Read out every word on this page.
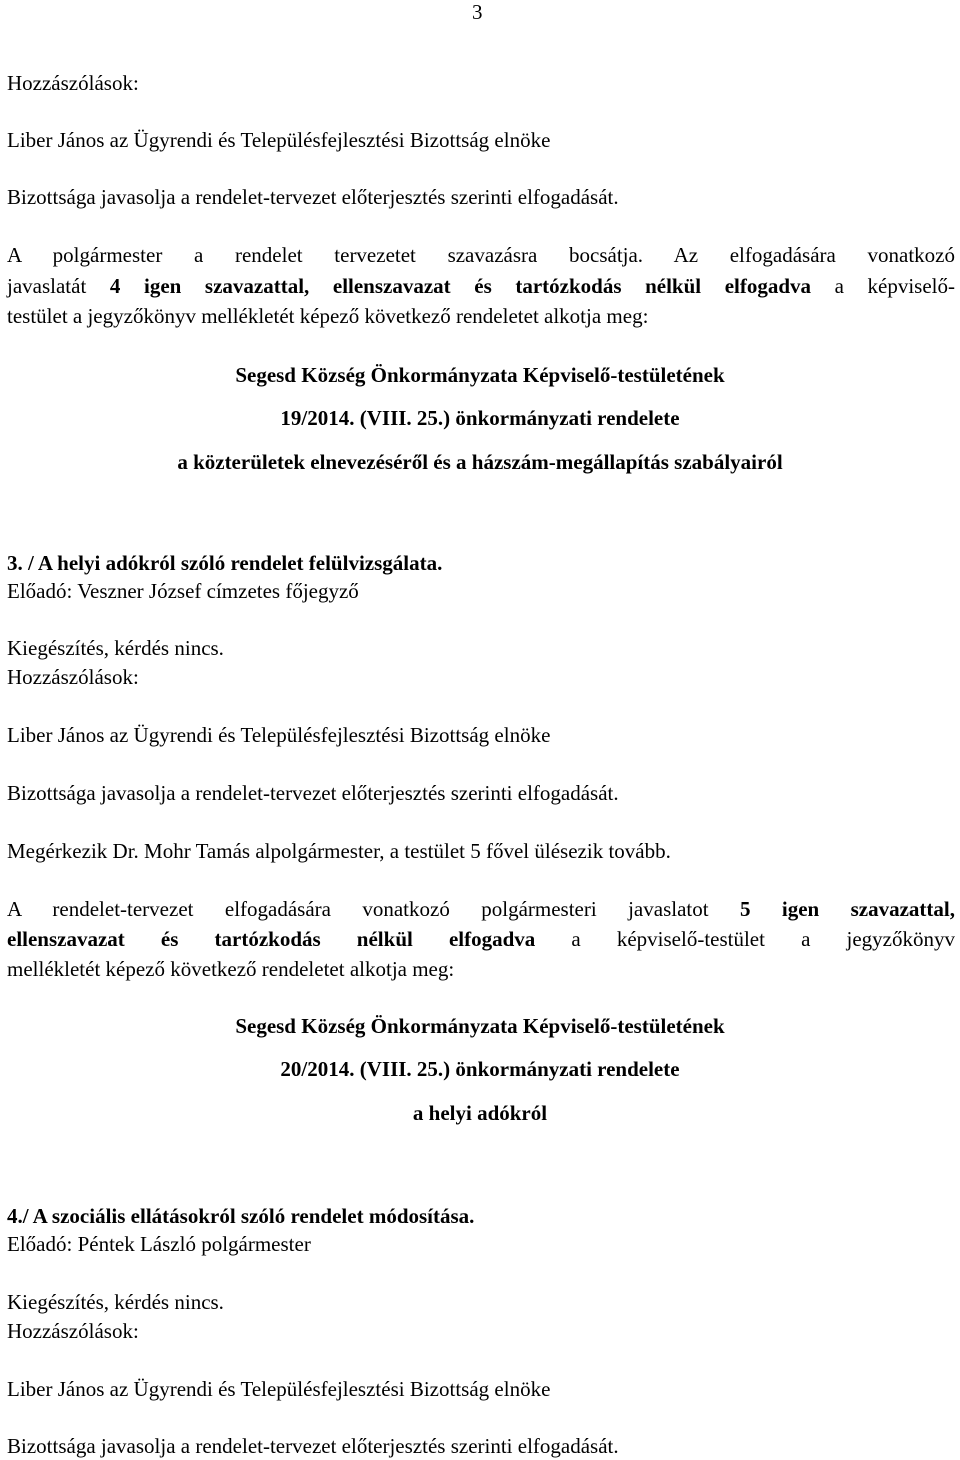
3
Hozzászólások:
Liber János az Ügyrendi és Településfejlesztési Bizottság elnöke
Bizottsága javasolja a rendelet-tervezet előterjesztés szerinti elfogadását.
A polgármester a rendelet tervezetet szavazásra bocsátja. Az elfogadására vonatkozó
javaslatát 4 igen szavazattal, ellenszavazat és tartózkodás nélkül elfogadva a képviselő-
testület a jegyzőkönyv mellékletét képező következő rendeletet alkotja meg:
Segesd Község Önkormányzata Képviselő-testületének
19/2014. (VIII. 25.) önkormányzati rendelete
a közterületek elnevezéséről és a házszám-megállapítás szabályairól
3. / A helyi adókról szóló rendelet felülvizsgálata.
Előadó: Veszner József címzetes főjegyző
Kiegészítés, kérdés nincs.
Hozzászólások:
Liber János az Ügyrendi és Településfejlesztési Bizottság elnöke
Bizottsága javasolja a rendelet-tervezet előterjesztés szerinti elfogadását.
Megérkezik Dr. Mohr Tamás alpolgármester, a testület 5 fővel ülésezik tovább.
A rendelet-tervezet elfogadására vonatkozó polgármesteri javaslatot 5 igen szavazattal,
ellenszavazat és tartózkodás nélkül elfogadva a képviselő-testület a jegyzőkönyv
mellékletét képező következő rendeletet alkotja meg:
Segesd Község Önkormányzata Képviselő-testületének
20/2014. (VIII. 25.) önkormányzati rendelete
a helyi adókról
4./ A szociális ellátásokról szóló rendelet módosítása.
Előadó: Péntek László polgármester
Kiegészítés, kérdés nincs.
Hozzászólások:
Liber János az Ügyrendi és Településfejlesztési Bizottság elnöke
Bizottsága javasolja a rendelet-tervezet előterjesztés szerinti elfogadását.
